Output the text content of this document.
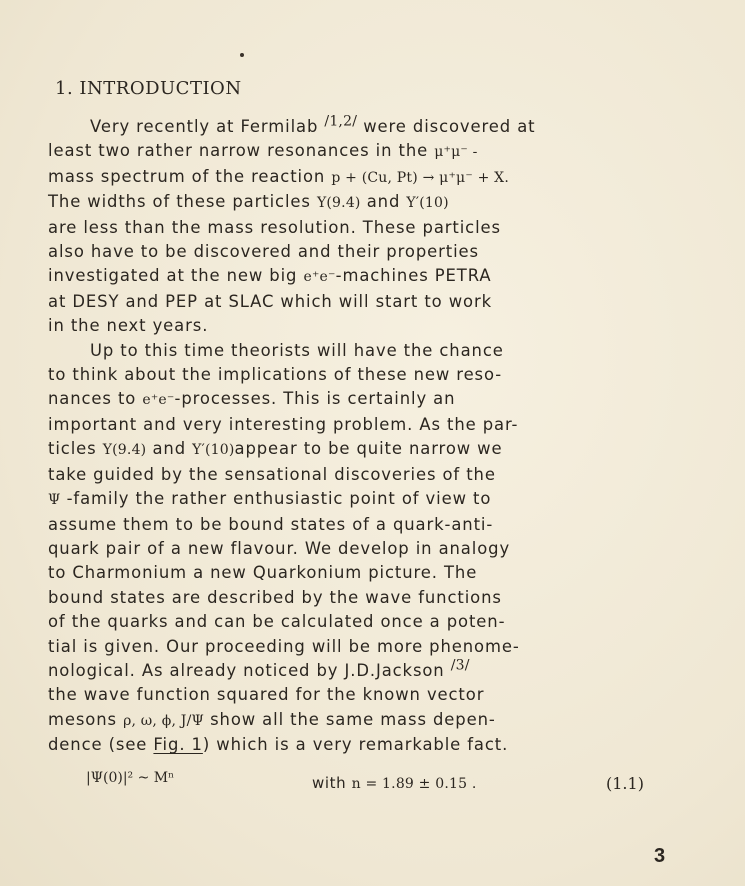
1. INTRODUCTION
Very recently at Fermilab $^{/1,2/}$ were discovered at
least two rather narrow resonances in the μ⁺μ⁻ -
mass spectrum of the reaction p + (Cu, Pt) → μ⁺μ⁻ + X.
The widths of these particles Υ(9.4) and Υ′(10)
are less than the mass resolution. These particles
also have to be discovered and their properties
investigated at the new big e⁺e⁻-machines PETRA
at DESY and PEP at SLAC which will start to work
in the next years.
Up to this time theorists will have the chance
to think about the implications of these new reso-
nances to e⁺e⁻-processes. This is certainly an
important and very interesting problem. As the par-
ticles Υ(9.4) and Υ′(10)appear to be quite narrow we
take guided by the sensational discoveries of the
Ψ -family the rather enthusiastic point of view to
assume them to be bound states of a quark-anti-
quark pair of a new flavour. We develop in analogy
to Charmonium a new Quarkonium picture. The
bound states are described by the wave functions
of the quarks and can be calculated once a poten-
tial is given. Our proceeding will be more phenome-
nological. As already noticed by J.D.Jackson $^{/3/}$
the wave function squared for the known vector
mesons ρ, ω, ϕ, J/Ψ show all the same mass depen-
dence (see Fig. 1) which is a very remarkable fact.
|Ψ(0)|² ~ Mⁿ	with n = 1.89 ± 0.15 .	(1.1)
3
